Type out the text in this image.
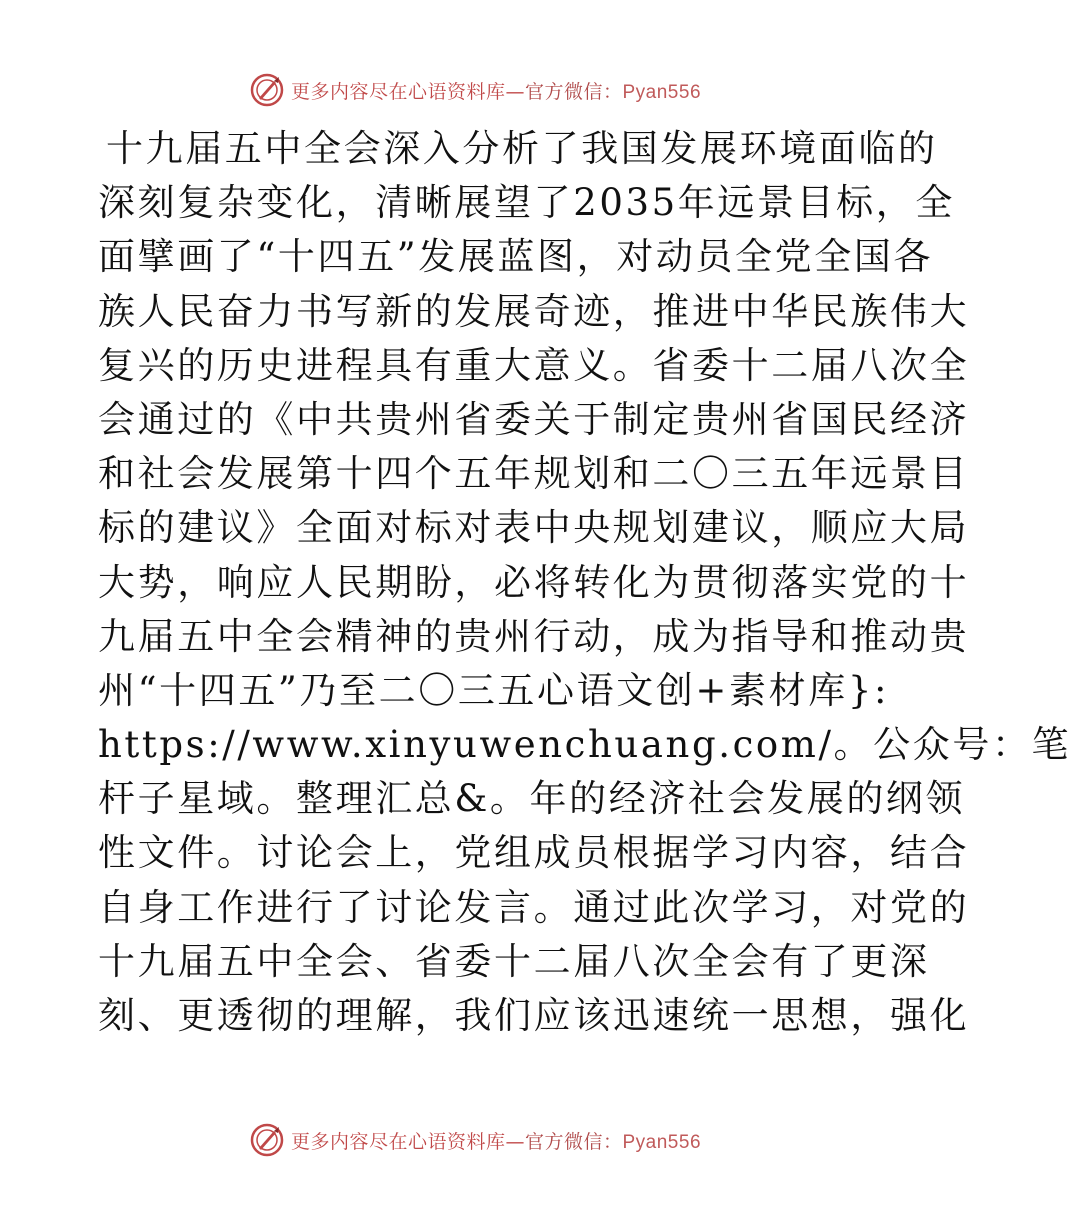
更多内容尽在心语资料库—官方微信：Pyan556
十九届五中全会深入分析了我国发展环境面临的
深刻复杂变化，清晰展望了2035年远景目标，全
面擘画了“十四五”发展蓝图，对动员全党全国各
族人民奋力书写新的发展奇迹，推进中华民族伟大
复兴的历史进程具有重大意义。省委十二届八次全
会通过的《中共贵州省委关于制定贵州省国民经济
和社会发展第十四个五年规划和二〇三五年远景目
标的建议》全面对标对表中央规划建议，顺应大局
大势，响应人民期盼，必将转化为贯彻落实党的十
九届五中全会精神的贵州行动，成为指导和推动贵
州“十四五”乃至二〇三五心语文创+素材库}:
https://www.xinyuwenchuang.com/。公众号：笔
杆子星域。整理汇总&。年的经济社会发展的纲领
性文件。讨论会上，党组成员根据学习内容，结合
自身工作进行了讨论发言。通过此次学习，对党的
十九届五中全会、省委十二届八次全会有了更深
刻、更透彻的理解，我们应该迅速统一思想，强化
更多内容尽在心语资料库—官方微信：Pyan556
